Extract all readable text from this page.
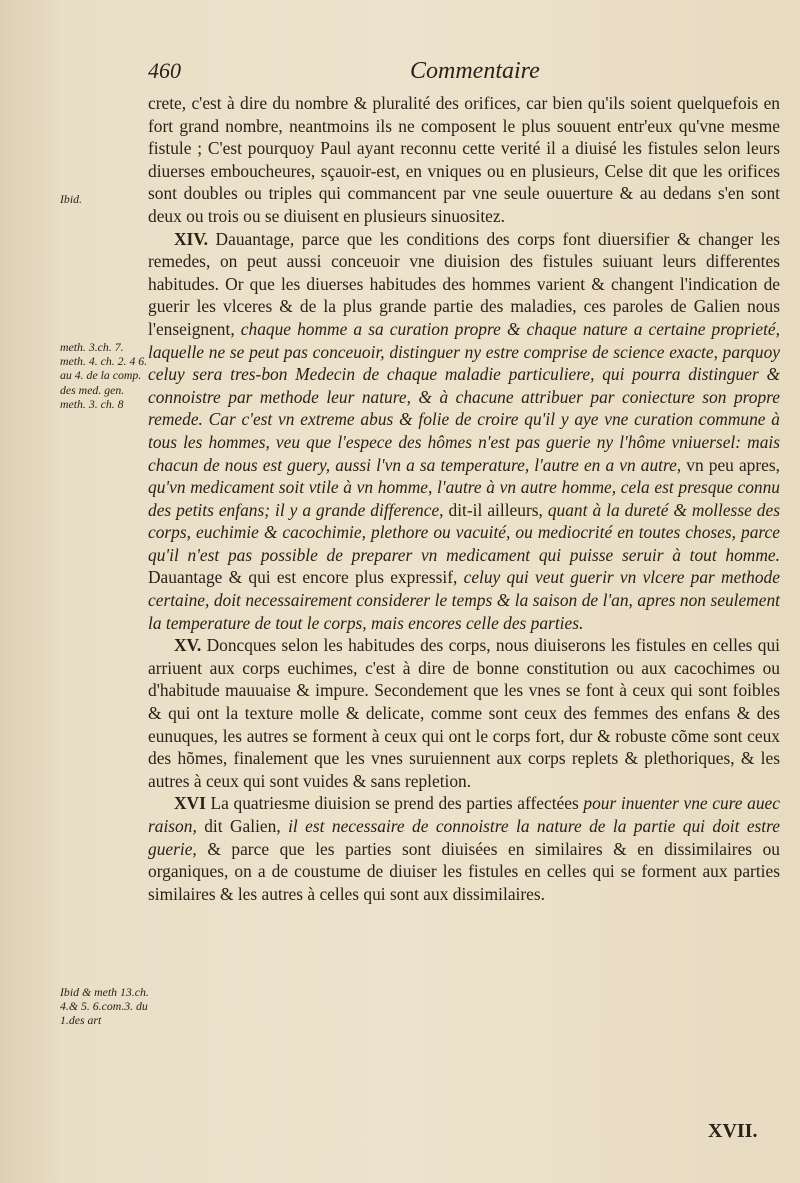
460	Commentaire
Ibid.
meth. 3.ch. 7. meth. 4. ch. 2. 4 6. au 4. de la comp. des med. gen. meth. 3. ch. 8
Ibid & meth 13.ch. 4.& 5. 6.com.3. du 1.des art

crete, c'est à dire du nombre & pluralité des orifices, car bien qu'ils soient quelquefois en fort grand nombre, neantmoins ils ne composent le plus souuent entr'eux qu'vne mesme fistule ; C'est pourquoy Paul ayant reconnu cette verité il a diuisé les fistules selon leurs diuerses emboucheures, sçauoir-est, en vniques ou en plusieurs, Celse dit que les orifices sont doubles ou triples qui commancent par vne seule ouuerture & au dedans s'en sont deux ou trois ou se diuisent en plusieurs sinuositez.

XIV. Dauantage, parce que les conditions des corps font diuersifier & changer les remedes, on peut aussi conceuoir vne diuision des fistules suiuant leurs differentes habitudes. Or que les diuerses habitudes des hommes varient & changent l'indication de guerir les vlceres & de la plus grande partie des maladies, ces paroles de Galien nous l'enseignent, chaque homme a sa curation propre & chaque nature a certaine proprieté, laquelle ne se peut pas conceuoir, distinguer ny estre comprise de science exacte, parquoy celuy sera tres-bon Medecin de chaque maladie particuliere, qui pourra distinguer & connoistre par methode leur nature, & à chacune attribuer par coniecture son propre remede. Car c'est vn extreme abus & folie de croire qu'il y aye vne curation commune à tous les hommes, veu que l'espece des hômes n'est pas guerie ny l'hôme vniuersel: mais chacun de nous est guery, aussi l'vn a sa temperature, l'autre en a vn autre, vn peu apres, qu'vn medicament soit vtile à vn homme, l'autre à vn autre homme, cela est presque connu des petits enfans; il y a grande difference, dit-il ailleurs, quant à la dureté & mollesse des corps, euchimie & cacochimie, plethore ou vacuité, ou mediocrité en toutes choses, parce qu'il n'est pas possible de preparer vn medicament qui puisse seruir à tout homme. Dauantage & qui est encore plus expressif, celuy qui veut guerir vn vlcere par methode certaine, doit necessairement considerer le temps & la saison de l'an, apres non seulement la temperature de tout le corps, mais encores celle des parties.

XV. Doncques selon les habitudes des corps, nous diuiserons les fistules en celles qui arriuent aux corps euchimes, c'est à dire de bonne constitution ou aux cacochimes ou d'habitude mauuaise & impure. Secondement que les vnes se font à ceux qui sont foibles & qui ont la texture molle & delicate, comme sont ceux des femmes des enfans & des eunuques, les autres se forment à ceux qui ont le corps fort, dur & robuste cõme sont ceux des hõmes, finalement que les vnes suruiennent aux corps replets & plethoriques, & les autres à ceux qui sont vuides & sans repletion.

XVI La quatriesme diuision se prend des parties affectées pour inuenter vne cure auec raison, dit Galien, il est necessaire de connoistre la nature de la partie qui doit estre guerie, & parce que les parties sont diuisées en similaires & en dissimilaires ou organiques, on a de coustume de diuiser les fistules en celles qui se forment aux parties similaires & les autres à celles qui sont aux dissimilaires.

XVII.
